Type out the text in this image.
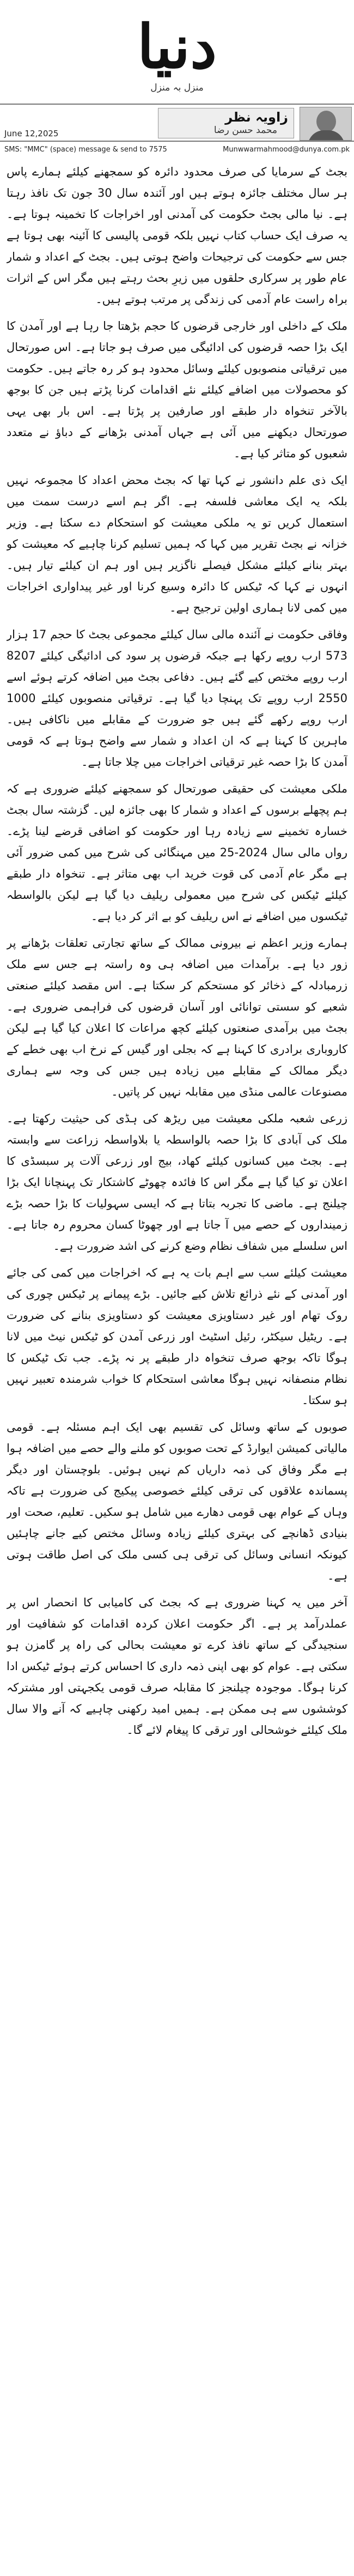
دنیا
منزل بہ منزل
زاویہ نظر
محمد حسن رضا
June 12,2025
SMS: "MMC" (space) message & send to 7575	Munwwarmahmood@dunya.com.pk

بجٹ کے سرمایا کی صرف محدود دائرہ کو سمجھنے کیلئے ہمارے پاس ہر سال مختلف جائزہ ہوتے ہیں اور آئندہ سال 30 جون تک نافذ رہتا ہے۔ نیا مالی بجٹ حکومت کی آمدنی اور اخراجات کا تخمینہ ہوتا ہے۔ یہ صرف ایک حساب کتاب نہیں بلکہ قومی پالیسی کا آئینہ بھی ہوتا ہے جس سے حکومت کی ترجیحات واضح ہوتی ہیں۔ بجٹ کے اعداد و شمار عام طور پر سرکاری حلقوں میں زیرِ بحث رہتے ہیں مگر اس کے اثرات براہ راست عام آدمی کی زندگی پر مرتب ہوتے ہیں۔

ملک کے داخلی اور خارجی قرضوں کا حجم بڑھتا جا رہا ہے اور آمدن کا ایک بڑا حصہ قرضوں کی ادائیگی میں صرف ہو جاتا ہے۔ اس صورتحال میں ترقیاتی منصوبوں کیلئے وسائل محدود ہو کر رہ جاتے ہیں۔ حکومت کو محصولات میں اضافے کیلئے نئے اقدامات کرنا پڑتے ہیں جن کا بوجھ بالآخر تنخواہ دار طبقے اور صارفین پر پڑتا ہے۔ اس بار بھی یہی صورتحال دیکھنے میں آئی ہے جہاں آمدنی بڑھانے کے دباؤ نے متعدد شعبوں کو متاثر کیا ہے۔

ایک ذی علم دانشور نے کہا تھا کہ بجٹ محض اعداد کا مجموعہ نہیں بلکہ یہ ایک معاشی فلسفہ ہے۔ اگر ہم اسے درست سمت میں استعمال کریں تو یہ ملکی معیشت کو استحکام دے سکتا ہے۔ وزیر خزانہ نے بجٹ تقریر میں کہا کہ ہمیں تسلیم کرنا چاہیے کہ معیشت کو بہتر بنانے کیلئے مشکل فیصلے ناگزیر ہیں اور ہم ان کیلئے تیار ہیں۔ انہوں نے کہا کہ ٹیکس کا دائرہ وسیع کرنا اور غیر پیداواری اخراجات میں کمی لانا ہماری اولین ترجیح ہے۔

وفاقی حکومت نے آئندہ مالی سال کیلئے مجموعی بجٹ کا حجم 17 ہزار 573 ارب روپے رکھا ہے جبکہ قرضوں پر سود کی ادائیگی کیلئے 8207 ارب روپے مختص کیے گئے ہیں۔ دفاعی بجٹ میں اضافہ کرتے ہوئے اسے 2550 ارب روپے تک پہنچا دیا گیا ہے۔ ترقیاتی منصوبوں کیلئے 1000 ارب روپے رکھے گئے ہیں جو ضرورت کے مقابلے میں ناکافی ہیں۔ ماہرین کا کہنا ہے کہ ان اعداد و شمار سے واضح ہوتا ہے کہ قومی آمدن کا بڑا حصہ غیر ترقیاتی اخراجات میں چلا جاتا ہے۔

ملکی معیشت کی حقیقی صورتحال کو سمجھنے کیلئے ضروری ہے کہ ہم پچھلے برسوں کے اعداد و شمار کا بھی جائزہ لیں۔ گزشتہ سال بجٹ خسارہ تخمینے سے زیادہ رہا اور حکومت کو اضافی قرضے لینا پڑے۔ رواں مالی سال 2024-25 میں مہنگائی کی شرح میں کمی ضرور آئی ہے مگر عام آدمی کی قوت خرید اب بھی متاثر ہے۔ تنخواہ دار طبقے کیلئے ٹیکس کی شرح میں معمولی ریلیف دیا گیا ہے لیکن بالواسطہ ٹیکسوں میں اضافے نے اس ریلیف کو بے اثر کر دیا ہے۔

ہمارے وزیر اعظم نے بیرونی ممالک کے ساتھ تجارتی تعلقات بڑھانے پر زور دیا ہے۔ برآمدات میں اضافہ ہی وہ راستہ ہے جس سے ملک زرمبادلہ کے ذخائر کو مستحکم کر سکتا ہے۔ اس مقصد کیلئے صنعتی شعبے کو سستی توانائی اور آسان قرضوں کی فراہمی ضروری ہے۔ بجٹ میں برآمدی صنعتوں کیلئے کچھ مراعات کا اعلان کیا گیا ہے لیکن کاروباری برادری کا کہنا ہے کہ بجلی اور گیس کے نرخ اب بھی خطے کے دیگر ممالک کے مقابلے میں زیادہ ہیں جس کی وجہ سے ہماری مصنوعات عالمی منڈی میں مقابلہ نہیں کر پاتیں۔

زرعی شعبہ ملکی معیشت میں ریڑھ کی ہڈی کی حیثیت رکھتا ہے۔ ملک کی آبادی کا بڑا حصہ بالواسطہ یا بلاواسطہ زراعت سے وابستہ ہے۔ بجٹ میں کسانوں کیلئے کھاد، بیج اور زرعی آلات پر سبسڈی کا اعلان تو کیا گیا ہے مگر اس کا فائدہ چھوٹے کاشتکار تک پہنچانا ایک بڑا چیلنج ہے۔ ماضی کا تجربہ بتاتا ہے کہ ایسی سہولیات کا بڑا حصہ بڑے زمینداروں کے حصے میں آ جاتا ہے اور چھوٹا کسان محروم رہ جاتا ہے۔ اس سلسلے میں شفاف نظام وضع کرنے کی اشد ضرورت ہے۔

معیشت کیلئے سب سے اہم بات یہ ہے کہ اخراجات میں کمی کی جائے اور آمدنی کے نئے ذرائع تلاش کیے جائیں۔ بڑے پیمانے پر ٹیکس چوری کی روک تھام اور غیر دستاویزی معیشت کو دستاویزی بنانے کی ضرورت ہے۔ ریٹیل سیکٹر، رئیل اسٹیٹ اور زرعی آمدن کو ٹیکس نیٹ میں لانا ہوگا تاکہ بوجھ صرف تنخواہ دار طبقے پر نہ پڑے۔ جب تک ٹیکس کا نظام منصفانہ نہیں ہوگا معاشی استحکام کا خواب شرمندہ تعبیر نہیں ہو سکتا۔

صوبوں کے ساتھ وسائل کی تقسیم بھی ایک اہم مسئلہ ہے۔ قومی مالیاتی کمیشن ایوارڈ کے تحت صوبوں کو ملنے والے حصے میں اضافہ ہوا ہے مگر وفاق کی ذمہ داریاں کم نہیں ہوئیں۔ بلوچستان اور دیگر پسماندہ علاقوں کی ترقی کیلئے خصوصی پیکیج کی ضرورت ہے تاکہ وہاں کے عوام بھی قومی دھارے میں شامل ہو سکیں۔ تعلیم، صحت اور بنیادی ڈھانچے کی بہتری کیلئے زیادہ وسائل مختص کیے جانے چاہئیں کیونکہ انسانی وسائل کی ترقی ہی کسی ملک کی اصل طاقت ہوتی ہے۔

آخر میں یہ کہنا ضروری ہے کہ بجٹ کی کامیابی کا انحصار اس پر عملدرآمد پر ہے۔ اگر حکومت اعلان کردہ اقدامات کو شفافیت اور سنجیدگی کے ساتھ نافذ کرے تو معیشت بحالی کی راہ پر گامزن ہو سکتی ہے۔ عوام کو بھی اپنی ذمہ داری کا احساس کرتے ہوئے ٹیکس ادا کرنا ہوگا۔ موجودہ چیلنجز کا مقابلہ صرف قومی یکجہتی اور مشترکہ کوششوں سے ہی ممکن ہے۔ ہمیں امید رکھنی چاہیے کہ آنے والا سال ملک کیلئے خوشحالی اور ترقی کا پیغام لائے گا۔
